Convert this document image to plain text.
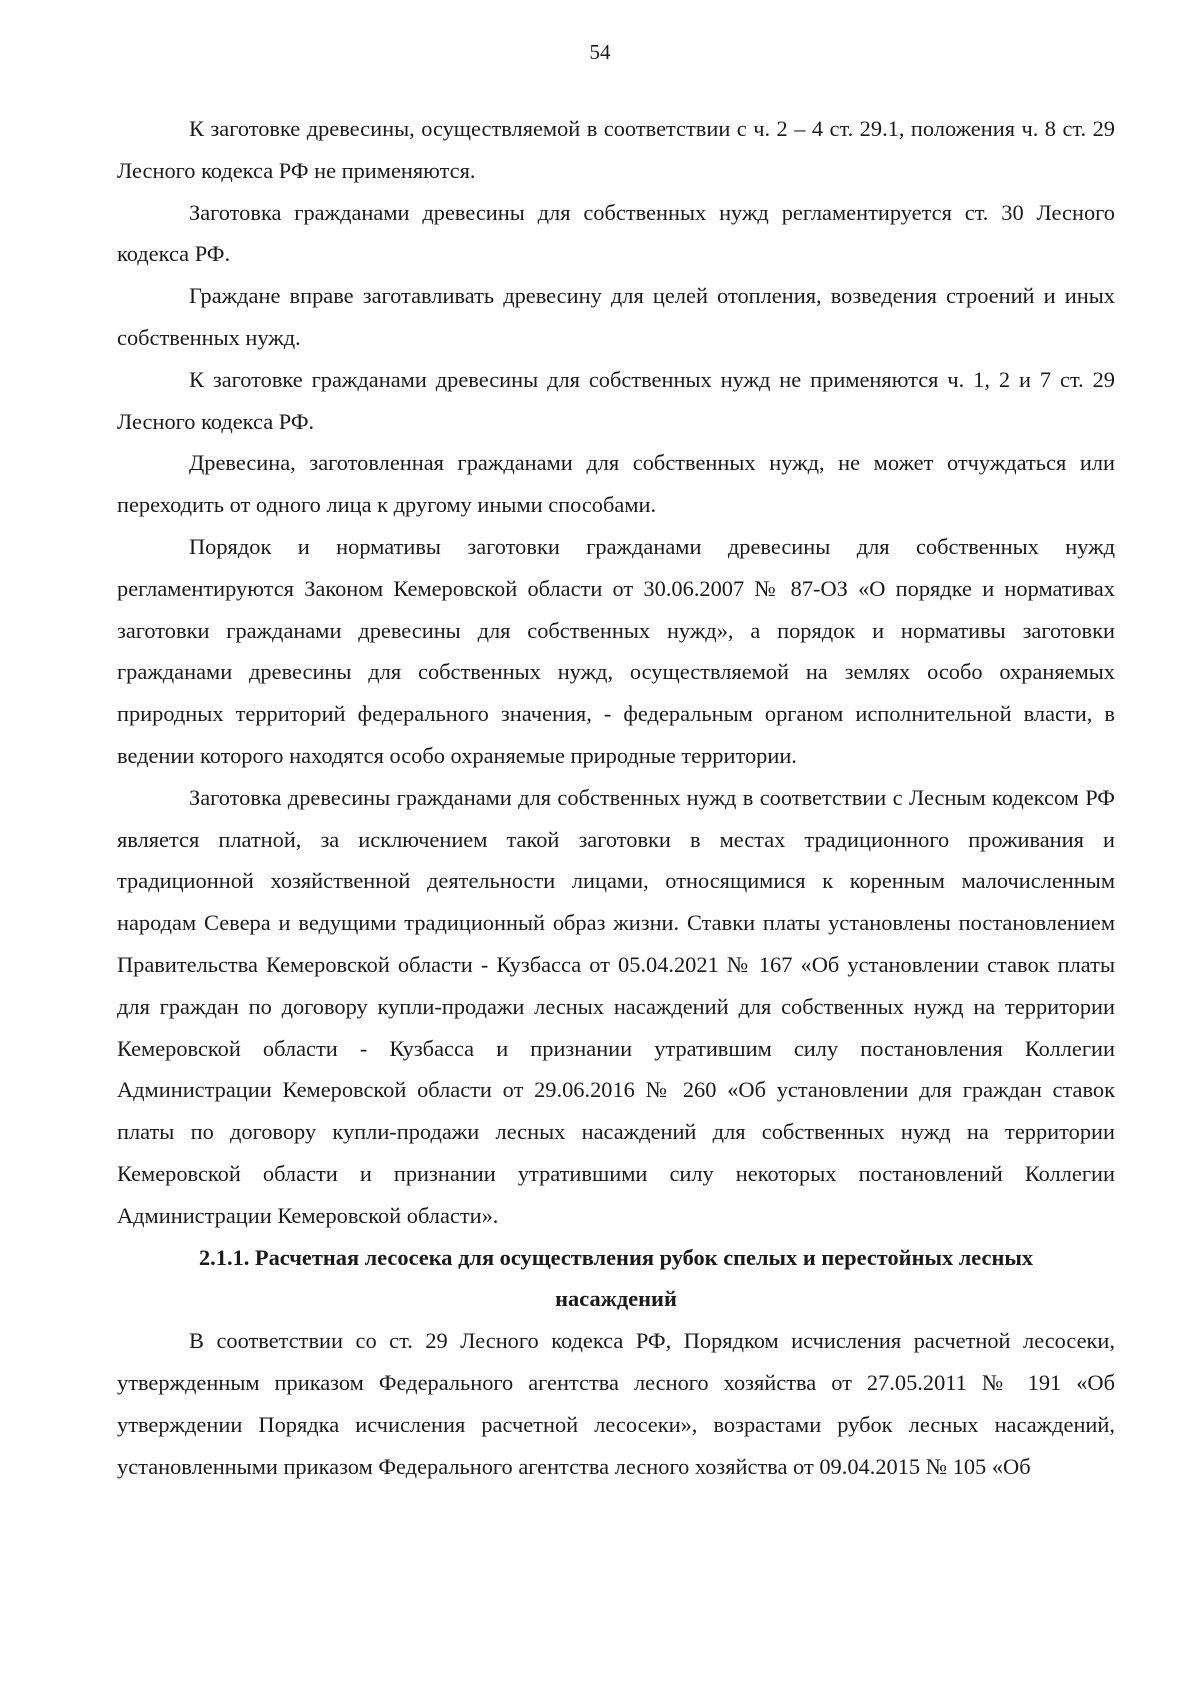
54

К заготовке древесины, осуществляемой в соответствии с ч. 2 – 4 ст. 29.1, положения ч. 8 ст. 29 Лесного кодекса РФ не применяются.

Заготовка гражданами древесины для собственных нужд регламентируется ст. 30 Лесного кодекса РФ.

Граждане вправе заготавливать древесину для целей отопления, возведения строений и иных собственных нужд.

К заготовке гражданами древесины для собственных нужд не применяются ч. 1, 2 и 7 ст. 29 Лесного кодекса РФ.

Древесина, заготовленная гражданами для собственных нужд, не может отчуждаться или переходить от одного лица к другому иными способами.

Порядок и нормативы заготовки гражданами древесины для собственных нужд регламентируются Законом Кемеровской области от 30.06.2007 № 87-ОЗ «О порядке и нормативах заготовки гражданами древесины для собственных нужд», а порядок и нормативы заготовки гражданами древесины для собственных нужд, осуществляемой на землях особо охраняемых природных территорий федерального значения, - федеральным органом исполнительной власти, в ведении которого находятся особо охраняемые природные территории.

Заготовка древесины гражданами для собственных нужд в соответствии с Лесным кодексом РФ является платной, за исключением такой заготовки в местах традиционного проживания и традиционной хозяйственной деятельности лицами, относящимися к коренным малочисленным народам Севера и ведущими традиционный образ жизни. Ставки платы установлены постановлением Правительства Кемеровской области - Кузбасса от 05.04.2021 № 167 «Об установлении ставок платы для граждан по договору купли-продажи лесных насаждений для собственных нужд на территории Кемеровской области - Кузбасса и признании утратившим силу постановления Коллегии Администрации Кемеровской области от 29.06.2016 № 260 «Об установлении для граждан ставок платы по договору купли-продажи лесных насаждений для собственных нужд на территории Кемеровской области и признании утратившими силу некоторых постановлений Коллегии Администрации Кемеровской области».

2.1.1. Расчетная лесосека для осуществления рубок спелых и перестойных лесных насаждений

В соответствии со ст. 29 Лесного кодекса РФ, Порядком исчисления расчетной лесосеки, утвержденным приказом Федерального агентства лесного хозяйства от 27.05.2011 № 191 «Об утверждении Порядка исчисления расчетной лесосеки», возрастами рубок лесных насаждений, установленными приказом Федерального агентства лесного хозяйства от 09.04.2015 № 105 «Об
